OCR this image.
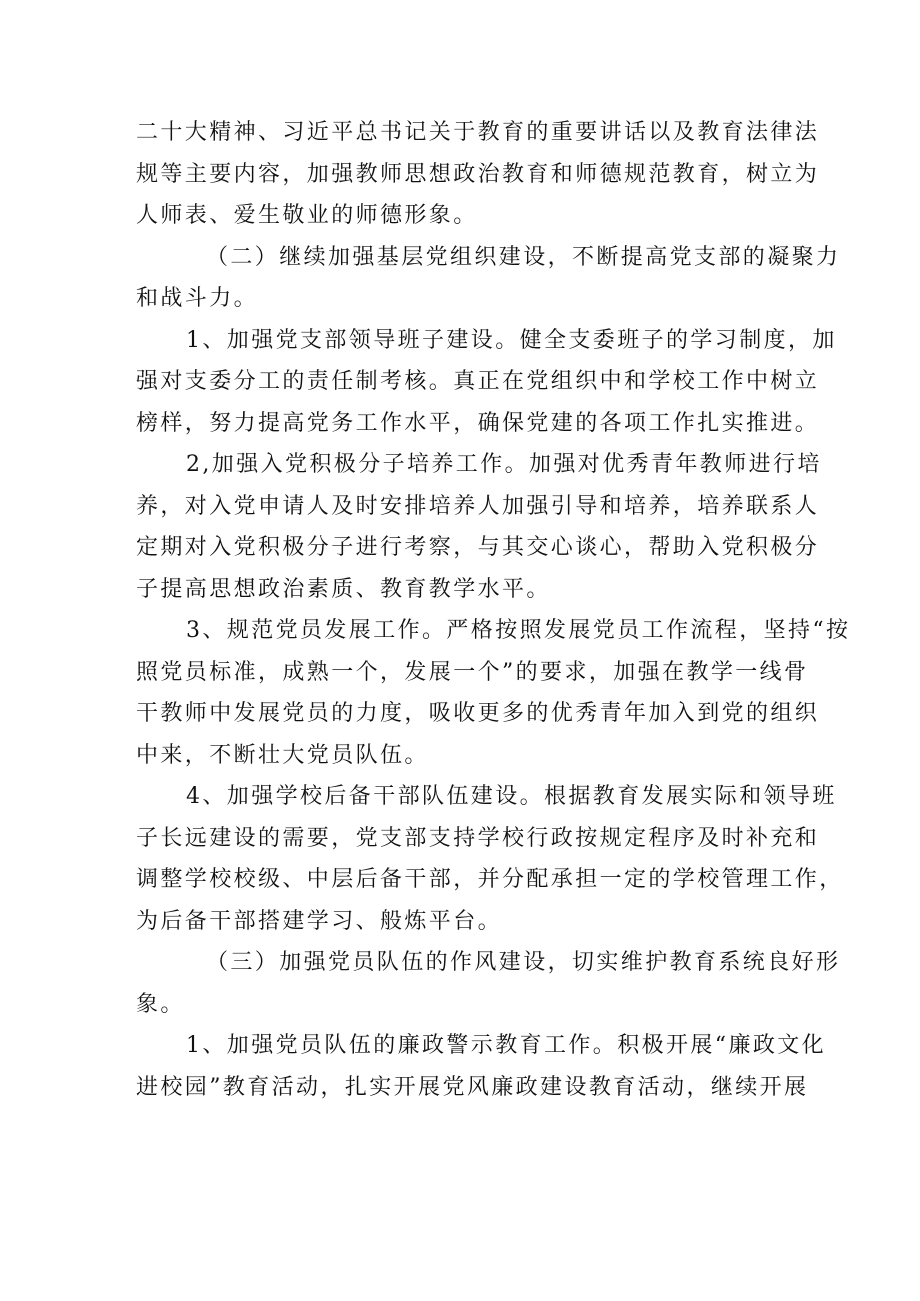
二十大精神、习近平总书记关于教育的重要讲话以及教育法律法
规等主要内容，加强教师思想政治教育和师德规范教育，树立为
人师表、爱生敬业的师德形象。
（二）继续加强基层党组织建设，不断提高党支部的凝聚力
和战斗力。
1、加强党支部领导班子建设。健全支委班子的学习制度，加
强对支委分工的责任制考核。真正在党组织中和学校工作中树立
榜样，努力提高党务工作水平，确保党建的各项工作扎实推进。
2,加强入党积极分子培养工作。加强对优秀青年教师进行培
养，对入党申请人及时安排培养人加强引导和培养，培养联系人
定期对入党积极分子进行考察，与其交心谈心，帮助入党积极分
子提高思想政治素质、教育教学水平。
3、规范党员发展工作。严格按照发展党员工作流程，坚持“按
照党员标准，成熟一个，发展一个”的要求，加强在教学一线骨
干教师中发展党员的力度，吸收更多的优秀青年加入到党的组织
中来，不断壮大党员队伍。
4、加强学校后备干部队伍建设。根据教育发展实际和领导班
子长远建设的需要，党支部支持学校行政按规定程序及时补充和
调整学校校级、中层后备干部，并分配承担一定的学校管理工作，
为后备干部搭建学习、般炼平台。
（三）加强党员队伍的作风建设，切实维护教育系统良好形
象。
1、加强党员队伍的廉政警示教育工作。积极开展“廉政文化
进校园”教育活动，扎实开展党风廉政建设教育活动，继续开展
